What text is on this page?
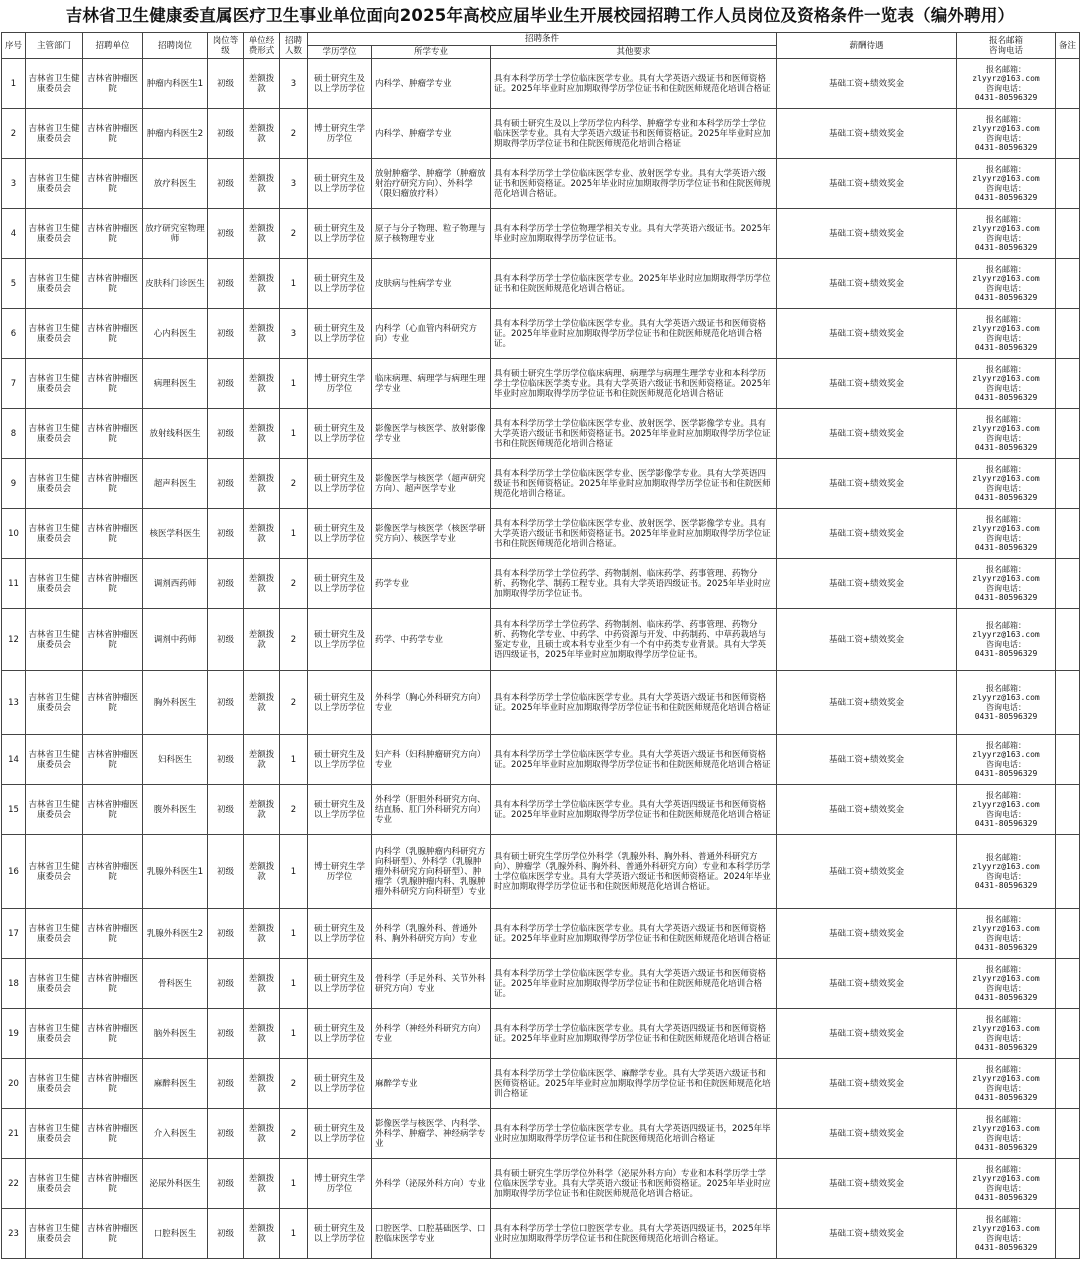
吉林省卫生健康委直属医疗卫生事业单位面向2025年高校应届毕业生开展校园招聘工作人员岗位及资格条件一览表（编外聘用）
序号	主管部门	招聘单位	招聘岗位	岗位等级	单位经费形式	招聘人数	招聘条件			薪酬待遇	报名邮箱
咨询电话	备注
							学历学位	所学专业	其他要求			
1	吉林省卫生健康委员会	吉林省肿瘤医院	肿瘤内科医生1	初级	差额拨款	3	硕士研究生及以上学历学位	内科学、肿瘤学专业	具有本科学历学士学位临床医学专业。具有大学英语六级证书和医师资格证。2025年毕业时应加期取得学历学位证书和住院医师规范化培训合格证	基础工资+绩效奖金	报名邮箱：
zlyyrz@163.com
咨询电话：
0431-80596329	

2	吉林省卫生健康委员会	吉林省肿瘤医院	肿瘤内科医生2	初级	差额拨款	2	博士研究生学历学位	内科学、肿瘤学专业	具有硕士研究生及以上学历学位内科学、肿瘤学专业和本科学历学士学位临床医学专业。具有大学英语六级证书和医师资格证。2025年毕业时应加期取得学历学位证书和住院医师规范化培训合格证	基础工资+绩效奖金	报名邮箱：
zlyyrz@163.com
咨询电话：
0431-80596329	

3	吉林省卫生健康委员会	吉林省肿瘤医院	放疗科医生	初级	差额拨款	3	硕士研究生及以上学历学位	放射肿瘤学、肿瘤学（肿瘤放射治疗研究方向）、外科学（限妇瘤放疗科）	具有本科学历学士学位临床医学专业、放射医学专业。具有大学英语六级证书和医师资格证。2025年毕业时应加期取得学历学位证书和住院医师规范化培训合格证。	基础工资+绩效奖金	报名邮箱：
zlyyrz@163.com
咨询电话：
0431-80596329	

4	吉林省卫生健康委员会	吉林省肿瘤医院	放疗研究室物理师	初级	差额拨款	2	硕士研究生及以上学历学位	原子与分子物理、粒子物理与原子核物理专业	具有本科学历学士学位物理学相关专业。具有大学英语六级证书。2025年毕业时应加期取得学历学位证书。	基础工资+绩效奖金	报名邮箱：
zlyyrz@163.com
咨询电话：
0431-80596329	

5	吉林省卫生健康委员会	吉林省肿瘤医院	皮肤科门诊医生	初级	差额拨款	1	硕士研究生及以上学历学位	皮肤病与性病学专业	具有本科学历学士学位临床医学专业。2025年毕业时应加期取得学历学位证书和住院医师规范化培训合格证。	基础工资+绩效奖金	报名邮箱：
zlyyrz@163.com
咨询电话：
0431-80596329	

6	吉林省卫生健康委员会	吉林省肿瘤医院	心内科医生	初级	差额拨款	3	硕士研究生及以上学历学位	内科学（心血管内科研究方向）专业	具有本科学历学士学位临床医学专业。具有大学英语六级证书和医师资格证。2025年毕业时应加期取得学历学位证书和住院医师规范化培训合格证。	基础工资+绩效奖金	报名邮箱：
zlyyrz@163.com
咨询电话：
0431-80596329	

7	吉林省卫生健康委员会	吉林省肿瘤医院	病理科医生	初级	差额拨款	1	博士研究生学历学位	临床病理、病理学与病理生理学专业	具有硕士研究生学历学位临床病理、病理学与病理生理学专业和本科学历学士学位临床医学类专业。具有大学英语六级证书和医师资格证。2025年毕业时应加期取得学历学位证书和住院医师规范化培训合格证	基础工资+绩效奖金	报名邮箱：
zlyyrz@163.com
咨询电话：
0431-80596329	

8	吉林省卫生健康委员会	吉林省肿瘤医院	放射线科医生	初级	差额拨款	1	硕士研究生及以上学历学位	影像医学与核医学、放射影像学专业	具有本科学历学士学位临床医学专业、放射医学、医学影像学专业。具有大学英语六级证书和医师资格证书。2025年毕业时应加期取得学历学位证书和住院医师规范化培训合格证	基础工资+绩效奖金	报名邮箱：
zlyyrz@163.com
咨询电话：
0431-80596329	

9	吉林省卫生健康委员会	吉林省肿瘤医院	超声科医生	初级	差额拨款	2	硕士研究生及以上学历学位	影像医学与核医学（超声研究方向）、超声医学专业	具有本科学历学士学位临床医学专业、医学影像学专业。具有大学英语四级证书和医师资格证。2025年毕业时应加期取得学历学位证书和住院医师规范化培训合格证。	基础工资+绩效奖金	报名邮箱：
zlyyrz@163.com
咨询电话：
0431-80596329	

10	吉林省卫生健康委员会	吉林省肿瘤医院	核医学科医生	初级	差额拨款	1	硕士研究生及以上学历学位	影像医学与核医学（核医学研究方向）、核医学专业	具有本科学历学士学位临床医学专业、放射医学、医学影像学专业。具有大学英语六级证书和医师资格证书。2025年毕业时应加期取得学历学位证书和住院医师规范化培训合格证。	基础工资+绩效奖金	报名邮箱：
zlyyrz@163.com
咨询电话：
0431-80596329	

11	吉林省卫生健康委员会	吉林省肿瘤医院	调剂西药师	初级	差额拨款	2	硕士研究生及以上学历学位	药学专业	具有本科学历学士学位药学、药物制剂、临床药学、药事管理、药物分析、药物化学、制药工程专业。具有大学英语四级证书。2025年毕业时应加期取得学历学位证书。	基础工资+绩效奖金	报名邮箱：
zlyyrz@163.com
咨询电话：
0431-80596329	

12	吉林省卫生健康委员会	吉林省肿瘤医院	调剂中药师	初级	差额拨款	2	硕士研究生及以上学历学位	药学、中药学专业	具有本科学历学士学位药学、药物制剂、临床药学、药事管理、药物分析、药物化学专业、中药学、中药资源与开发、中药制药、中草药栽培与鉴定专业，且硕士或本科专业至少有一个有中药类专业背景。具有大学英语四级证书，2025年毕业时应加期取得学历学位证书。	基础工资+绩效奖金	报名邮箱：
zlyyrz@163.com
咨询电话：
0431-80596329	

13	吉林省卫生健康委员会	吉林省肿瘤医院	胸外科医生	初级	差额拨款	2	硕士研究生及以上学历学位	外科学（胸心外科研究方向）专业	具有本科学历学士学位临床医学专业。具有大学英语六级证书和医师资格证。2025年毕业时应加期取得学历学位证书和住院医师规范化培训合格证	基础工资+绩效奖金	报名邮箱：
zlyyrz@163.com
咨询电话：
0431-80596329	

14	吉林省卫生健康委员会	吉林省肿瘤医院	妇科医生	初级	差额拨款	1	硕士研究生及以上学历学位	妇产科（妇科肿瘤研究方向）专业	具有本科学历学士学位临床医学专业。具有大学英语六级证书和医师资格证。2025年毕业时应加期取得学历学位证书和住院医师规范化培训合格证	基础工资+绩效奖金	报名邮箱：
zlyyrz@163.com
咨询电话：
0431-80596329	

15	吉林省卫生健康委员会	吉林省肿瘤医院	腹外科医生	初级	差额拨款	2	硕士研究生及以上学历学位	外科学（肝胆外科研究方向、结直肠、肛门外科研究方向）专业	具有本科学历学士学位临床医学专业。具有大学英语四级证书和医师资格证。2025年毕业时应加期取得学历学位证书和住院医师规范化培训合格证	基础工资+绩效奖金	报名邮箱：
zlyyrz@163.com
咨询电话：
0431-80596329	

16	吉林省卫生健康委员会	吉林省肿瘤医院	乳腺外科医生1	初级	差额拨款	1	博士研究生学历学位	内科学（乳腺肿瘤内科研究方向科研型）、外科学（乳腺肿瘤外科研究方向科研型）、肿瘤学（乳腺肿瘤内科、乳腺肿瘤外科研究方向科研型）专业	具有硕士研究生学历学位外科学（乳腺外科、胸外科、普通外科研究方向）、肿瘤学（乳腺外科、胸外科、普通外科研究方向）专业和本科学历学士学位临床医学专业。具有大学英语六级证书和医师资格证。2024年毕业时应加期取得学历学位证书和住院医师规范化培训合格证。	基础工资+绩效奖金	报名邮箱：
zlyyrz@163.com
咨询电话：
0431-80596329	

17	吉林省卫生健康委员会	吉林省肿瘤医院	乳腺外科医生2	初级	差额拨款	1	硕士研究生及以上学历学位	外科学（乳腺外科、普通外科、胸外科研究方向）专业	具有本科学历学士学位临床医学专业。具有大学英语六级证书和医师资格证。2025年毕业时应加期取得学历学位证书和住院医师规范化培训合格证	基础工资+绩效奖金	报名邮箱：
zlyyrz@163.com
咨询电话：
0431-80596329	

18	吉林省卫生健康委员会	吉林省肿瘤医院	骨科医生	初级	差额拨款	1	硕士研究生及以上学历学位	骨科学（手足外科、关节外科研究方向）专业	具有本科学历学士学位临床医学专业。具有大学英语六级证书和医师资格证。2025年毕业时应加期取得学历学位证书和住院医师规范化培训合格证。	基础工资+绩效奖金	报名邮箱：
zlyyrz@163.com
咨询电话：
0431-80596329	

19	吉林省卫生健康委员会	吉林省肿瘤医院	脑外科医生	初级	差额拨款	1	硕士研究生及以上学历学位	外科学（神经外科研究方向）专业	具有本科学历学士学位临床医学专业。具有大学英语四级证书和医师资格证。2025年毕业时应加期取得学历学位证书和住院医师规范化培训合格证	基础工资+绩效奖金	报名邮箱：
zlyyrz@163.com
咨询电话：
0431-80596329	

20	吉林省卫生健康委员会	吉林省肿瘤医院	麻醉科医生	初级	差额拨款	2	硕士研究生及以上学历学位	麻醉学专业	具有本科学历学士学位临床医学、麻醉学专业。具有大学英语六级证书和医师资格证。2025年毕业时应加期取得学历学位证书和住院医师规范化培训合格证	基础工资+绩效奖金	报名邮箱：
zlyyrz@163.com
咨询电话：
0431-80596329	

21	吉林省卫生健康委员会	吉林省肿瘤医院	介入科医生	初级	差额拨款	2	硕士研究生及以上学历学位	影像医学与核医学、内科学、外科学、肿瘤学、神经病学专业	具有本科学历学士学位临床医学专业。具有大学英语四级证书，2025年毕业时应加期取得学历学位证书和住院医师规范化培训合格证	基础工资+绩效奖金	报名邮箱：
zlyyrz@163.com
咨询电话：
0431-80596329	

22	吉林省卫生健康委员会	吉林省肿瘤医院	泌尿外科医生	初级	差额拨款	1	博士研究生学历学位	外科学（泌尿外科方向）专业	具有硕士研究生学历学位外科学（泌尿外科方向）专业和本科学历学士学位临床医学专业。具有大学英语六级证书和医师资格证。2025年毕业时应加期取得学历学位证书和住院医师规范化培训合格证。	基础工资+绩效奖金	报名邮箱：
zlyyrz@163.com
咨询电话：
0431-80596329	

23	吉林省卫生健康委员会	吉林省肿瘤医院	口腔科医生	初级	差额拨款	1	硕士研究生及以上学历学位	口腔医学、口腔基础医学、口腔临床医学专业	具有本科学历学士学位口腔医学专业。具有大学英语四级证书，2025年毕业时应加期取得学历学位证书和住院医师规范化培训合格证。	基础工资+绩效奖金	报名邮箱：
zlyyrz@163.com
咨询电话：
0431-80596329	
